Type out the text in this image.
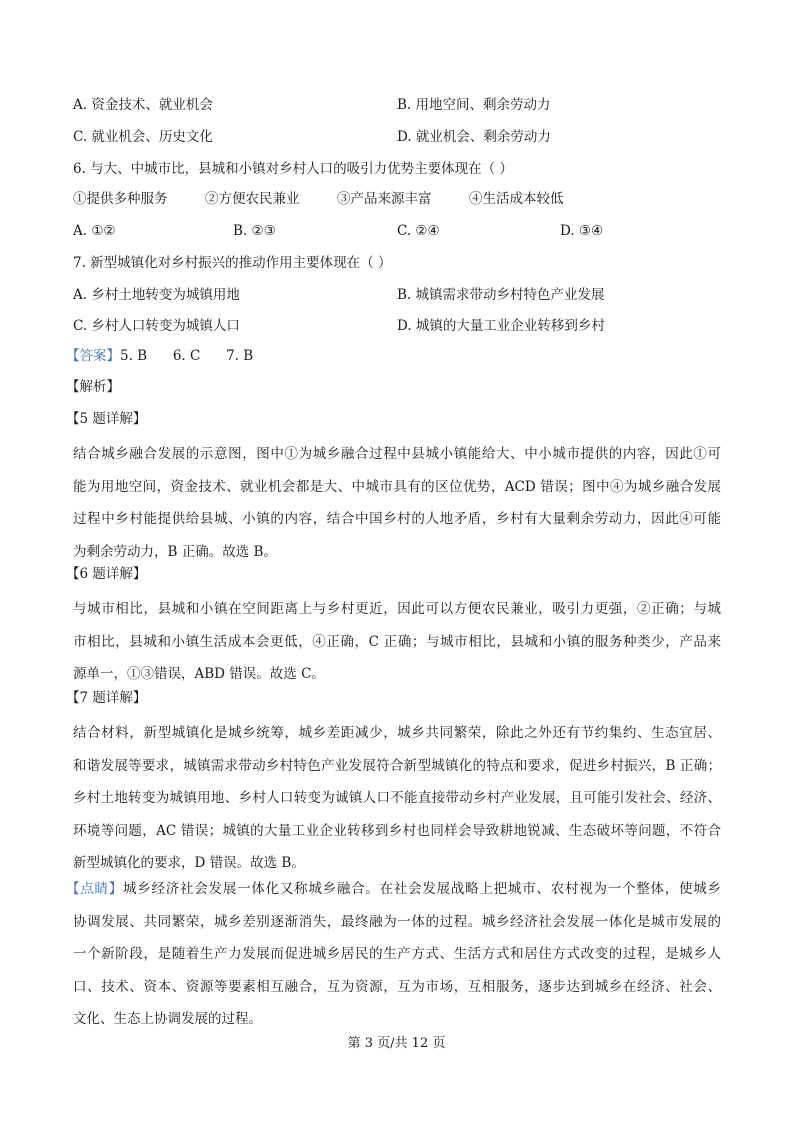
A. 资金技术、就业机会	B. 用地空间、剩余劳动力
C. 就业机会、历史文化	D. 就业机会、剩余劳动力
6. 与大、中城市比，县城和小镇对乡村人口的吸引力优势主要体现在（ ）
①提供多种服务	②方便农民兼业	③产品来源丰富	④生活成本较低
A. ①②	B. ②③	C. ②④	D. ③④
7. 新型城镇化对乡村振兴的推动作用主要体现在（ ）
A. 乡村土地转变为城镇用地	B. 城镇需求带动乡村特色产业发展
C. 乡村人口转变为城镇人口	D. 城镇的大量工业企业转移到乡村
【答案】5. B      6. C      7. B
【解析】
【5 题详解】
结合城乡融合发展的示意图，图中①为城乡融合过程中县城小镇能给大、中小城市提供的内容，因此①可
能为用地空间，资金技术、就业机会都是大、中城市具有的区位优势，ACD 错误；图中④为城乡融合发展
过程中乡村能提供给县城、小镇的内容，结合中国乡村的人地矛盾，乡村有大量剩余劳动力，因此④可能
为剩余劳动力，B 正确。故选 B。
【6 题详解】
与城市相比，县城和小镇在空间距离上与乡村更近，因此可以方便农民兼业，吸引力更强，②正确；与城
市相比，县城和小镇生活成本会更低，④正确，C 正确；与城市相比，县城和小镇的服务种类少，产品来
源单一，①③错误，ABD 错误。故选 C。
【7 题详解】
结合材料，新型城镇化是城乡统筹，城乡差距减少，城乡共同繁荣，除此之外还有节约集约、生态宜居、
和谐发展等要求，城镇需求带动乡村特色产业发展符合新型城镇化的特点和要求，促进乡村振兴，B 正确；
乡村土地转变为城镇用地、乡村人口转变为诚镇人口不能直接带动乡村产业发展，且可能引发社会、经济、
环境等问题，AC 错误；城镇的大量工业企业转移到乡村也同样会导致耕地锐减、生态破坏等问题，不符合
新型城镇化的要求，D 错误。故选 B。
【点睛】城乡经济社会发展一体化又称城乡融合。在社会发展战略上把城市、农村视为一个整体，使城乡
协调发展、共同繁荣，城乡差别逐渐消失，最终融为一体的过程。城乡经济社会发展一体化是城市发展的
一个新阶段，是随着生产力发展而促进城乡居民的生产方式、生活方式和居住方式改变的过程，是城乡人
口、技术、资本、资源等要素相互融合，互为资源，互为市场，互相服务，逐步达到城乡在经济、社会、
文化、生态上协调发展的过程。
第 3 页/共 12 页
